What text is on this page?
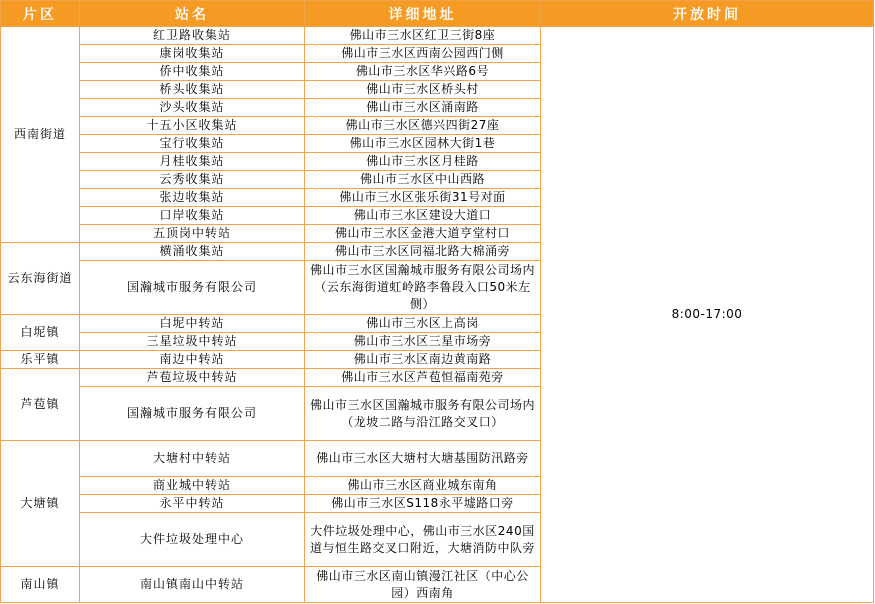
片区	站名	详细地址	开放时间
西南街道	红卫路收集站	佛山市三水区红卫三街8座	8:00-17:00
	康岗收集站	佛山市三水区西南公园西门侧	
	侨中收集站	佛山市三水区华兴路6号	
	桥头收集站	佛山市三水区桥头村	
	沙头收集站	佛山市三水区涌南路	
	十五小区收集站	佛山市三水区德兴四街27座	
	宝行收集站	佛山市三水区园林大街1巷	
	月桂收集站	佛山市三水区月桂路	
	云秀收集站	佛山市三水区中山西路	
	张边收集站	佛山市三水区张乐街31号对面	
	口岸收集站	佛山市三水区建设大道口	
	五顶岗中转站	佛山市三水区金港大道亨堂村口	
云东海街道	横涌收集站	佛山市三水区同福北路大棉涌旁	
	国瀚城市服务有限公司	佛山市三水区国瀚城市服务有限公司场内（云东海街道虹岭路李鲁段入口50米左侧）	
白坭镇	白坭中转站	佛山市三水区上高岗	
	三星垃圾中转站	佛山市三水区三星市场旁	
乐平镇	南边中转站	佛山市三水区南边黄南路	
芦苞镇	芦苞垃圾中转站	佛山市三水区芦苞恒福南苑旁	
	国瀚城市服务有限公司	佛山市三水区国瀚城市服务有限公司场内（龙坡二路与沿江路交叉口）	
大塘镇	大塘村中转站	佛山市三水区大塘村大塘基围防汛路旁	
	商业城中转站	佛山市三水区商业城东南角	
	永平中转站	佛山市三水区S118永平墟路口旁	
	大件垃圾处理中心	大件垃圾处理中心，佛山市三水区240国道与恒生路交叉口附近，大塘消防中队旁	
南山镇	南山镇南山中转站	佛山市三水区南山镇漫江社区（中心公园）西南角	
